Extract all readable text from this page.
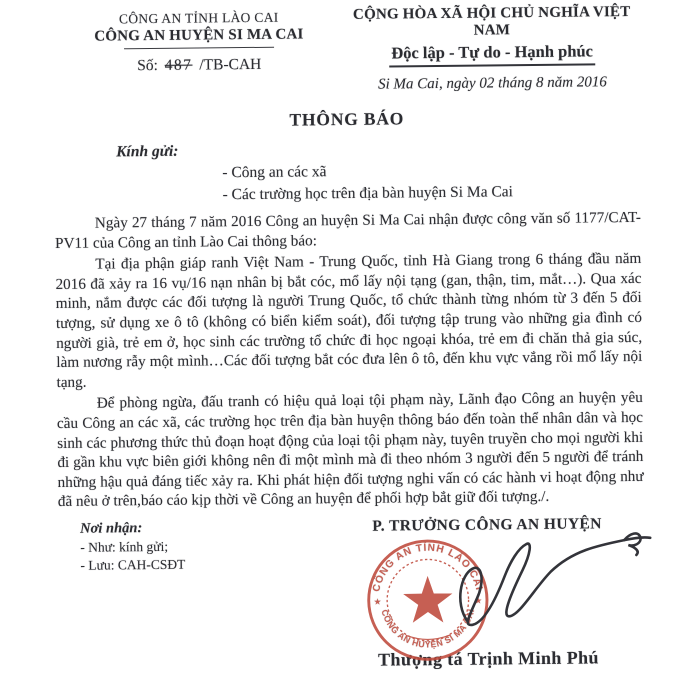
CÔNG AN TỈNH LÀO CAI
CÔNG AN HUYỆN SI MA CAI
Số: 487 /TB-CAH
CỘNG HÒA XÃ HỘI CHỦ NGHĨA VIỆT NAM
Độc lập - Tự do - Hạnh phúc
Si Ma Cai, ngày 02 tháng 8 năm 2016
THÔNG BÁO
Kính gửi:
- Công an các xã
- Các trường học trên địa bàn huyện Si Ma Cai

Ngày 27 tháng 7 năm 2016 Công an huyện Si Ma Cai nhận được công văn số 1177/CAT-PV11 của Công an tỉnh Lào Cai thông báo:

Tại địa phận giáp ranh Việt Nam - Trung Quốc, tỉnh Hà Giang trong 6 tháng đầu năm 2016 đã xảy ra 16 vụ/16 nạn nhân bị bắt cóc, mổ lấy nội tạng (gan, thận, tim, mắt…). Qua xác minh, nắm được các đối tượng là người Trung Quốc, tổ chức thành từng nhóm từ 3 đến 5 đối tượng, sử dụng xe ô tô (không có biển kiểm soát), đối tượng tập trung vào những gia đình có người già, trẻ em ở, học sinh các trường tổ chức đi học ngoại khóa, trẻ em đi chăn thả gia súc, làm nương rẫy một mình…Các đối tượng bắt cóc đưa lên ô tô, đến khu vực vắng rồi mổ lấy nội tạng.

Để phòng ngừa, đấu tranh có hiệu quả loại tội phạm này, Lãnh đạo Công an huyện yêu cầu Công an các xã, các trường học trên địa bàn huyện thông báo đến toàn thể nhân dân và học sinh các phương thức thủ đoạn hoạt động của loại tội phạm này, tuyên truyền cho mọi người khi đi gần khu vực biên giới không nên đi một mình mà đi theo nhóm 3 người đến 5 người để tránh những hậu quả đáng tiếc xảy ra. Khi phát hiện đối tượng nghi vấn có các hành vi hoạt động như đã nêu ở trên,báo cáo kịp thời về Công an huyện để phối hợp bắt giữ đối tượng./.

Nơi nhận:
- Như: kính gửi;
- Lưu: CAH-CSĐT
P. TRƯỞNG CÔNG AN HUYỆN
CÔNG AN TỈNH LÀO CAI
CÔNG AN HUYỆN SI MA CAI
★	★
Thượng tá Trịnh Minh Phú
